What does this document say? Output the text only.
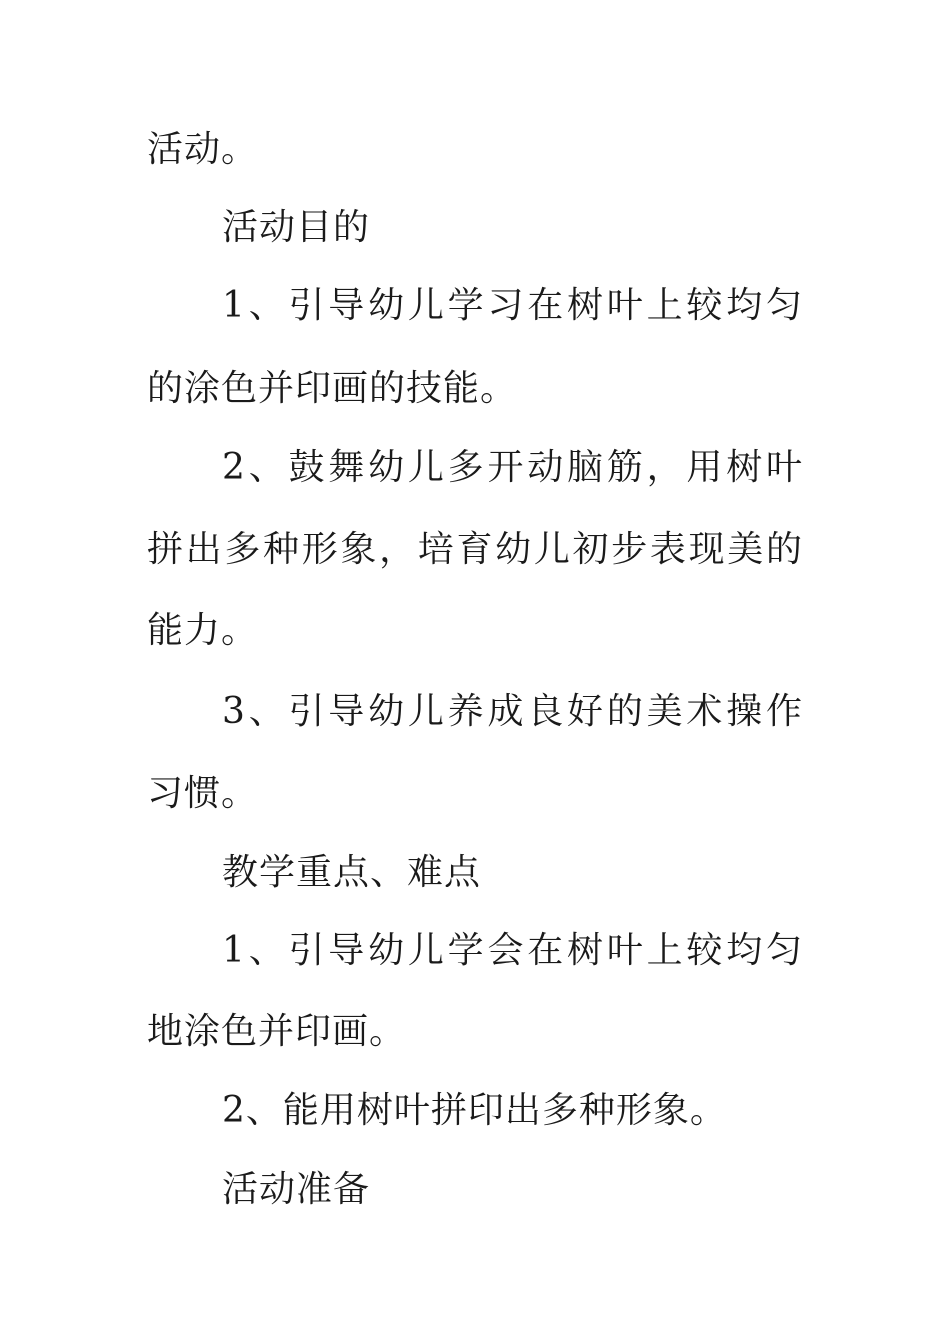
活动。
活动目的
1、引导幼儿学习在树叶上较均匀
的涂色并印画的技能。
2、鼓舞幼儿多开动脑筋，用树叶
拼出多种形象，培育幼儿初步表现美的
能力。
3、引导幼儿养成良好的美术操作
习惯。
教学重点、难点
1、引导幼儿学会在树叶上较均匀
地涂色并印画。
2、能用树叶拼印出多种形象。
活动准备
